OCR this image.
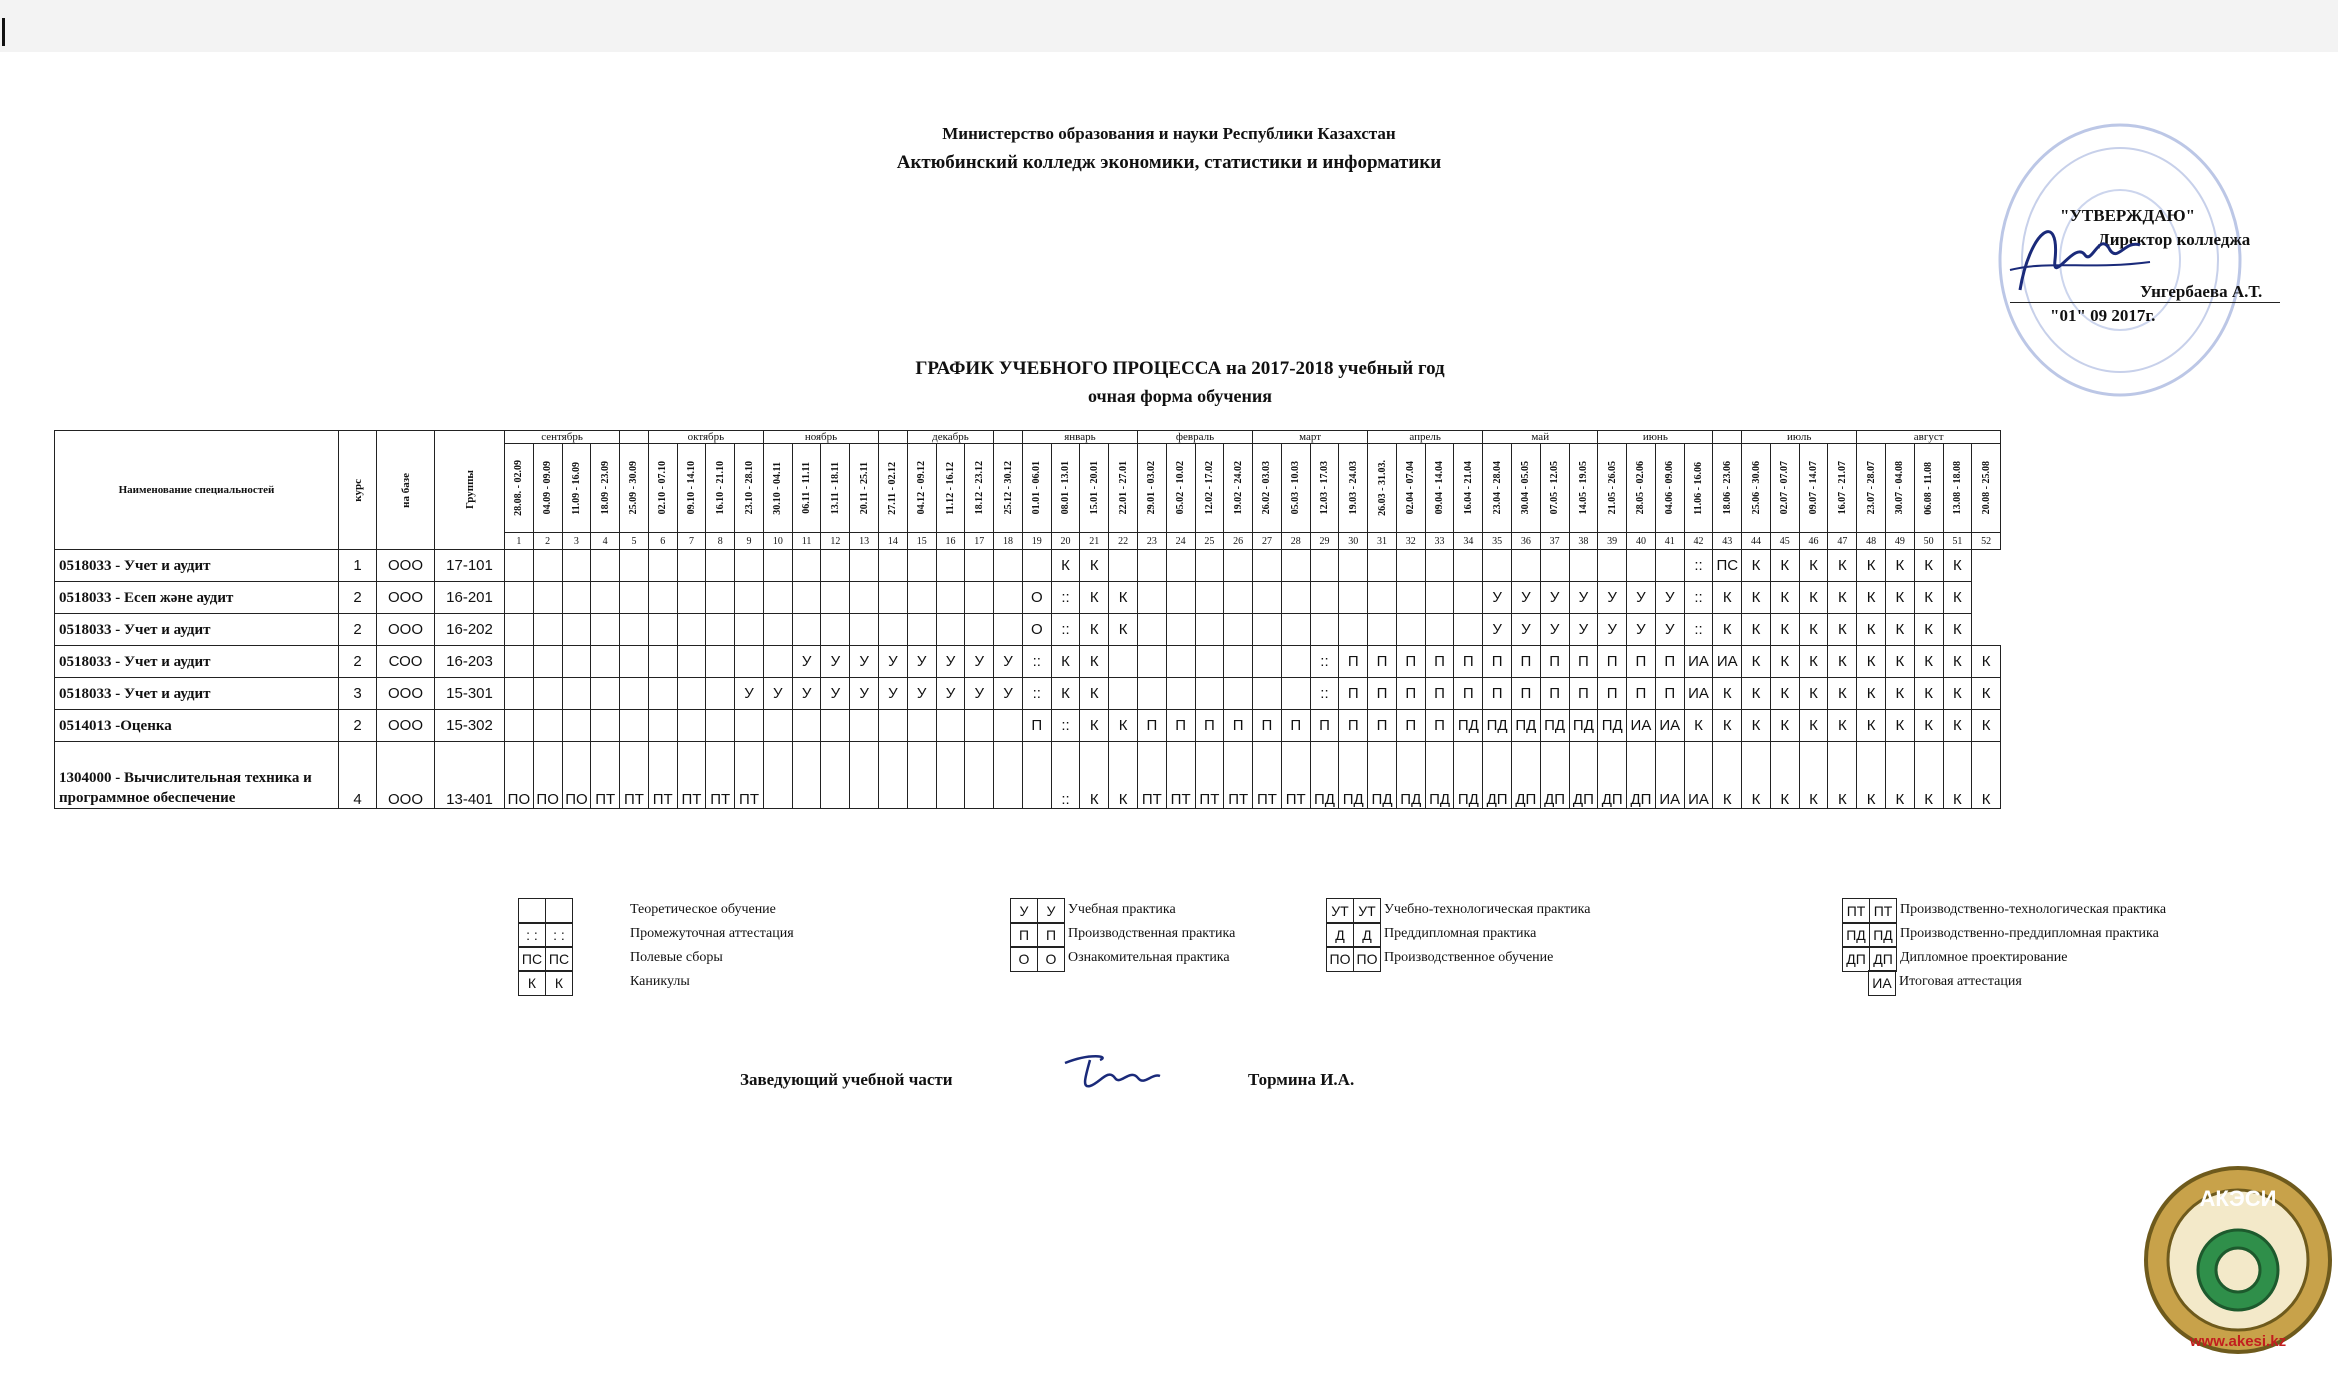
Министерство образования и науки Республики Казахстан
Актюбинский колледж экономики, статистики и информатики
"УТВЕРЖДАЮ"
Директор колледжа
Унгербаева А.Т.
"01" 09 2017г.
ГРАФИК УЧЕБНОГО ПРОЦЕССА на 2017-2018 учебный год
очная форма обучения
Наименование специальностей	курс	на базе	Группы	сентябрь					октябрь				ноябрь					декабрь				январь				февраль				март				апрель				май				июнь					июль				август				

				28.08. - 02.09	04.09 - 09.09	11.09 - 16.09	18.09 - 23.09	25.09 - 30.09	02.10 - 07.10	09.10 - 14.10	16.10 - 21.10	23.10 - 28.10	30.10 - 04.11	06.11 - 11.11	13.11 - 18.11	20.11 - 25.11	27.11 - 02.12	04.12 - 09.12	11.12 - 16.12	18.12 - 23.12	25.12 - 30.12	01.01 - 06.01	08.01 - 13.01	15.01 - 20.01	22.01 - 27.01	29.01 - 03.02	05.02 - 10.02	12.02 - 17.02	19.02 - 24.02	26.02 - 03.03	05.03 - 10.03	12.03 - 17.03	19.03 - 24.03	26.03 - 31.03.	02.04 - 07.04	09.04 - 14.04	16.04 - 21.04	23.04 - 28.04	30.04 - 05.05	07.05 - 12.05	14.05 - 19.05	21.05 - 26.05	28.05 - 02.06	04.06 - 09.06	11.06 - 16.06	18.06 - 23.06	25.06 - 30.06	02.07 - 07.07	09.07 - 14.07	16.07 - 21.07	23.07 - 28.07	30.07 - 04.08	06.08 - 11.08	13.08 - 18.08	20.08 - 25.08

				1	2	3	4	5	6	7	8	9	10	11	12	13	14	15	16	17	18	19	20	21	22	23	24	25	26	27	28	29	30	31	32	33	34	35	36	37	38	39	40	41	42	43	44	45	46	47	48	49	50	51	52
0518033 - Учет и аудит	1	ООО	17-101																				К	К																					::	ПС	К	К	К	К	К	К	К	К	
0518033 - Есеп және аудит	2	ООО	16-201																			О	::	К	К													У	У	У	У	У	У	У	::	К	К	К	К	К	К	К	К	К	
0518033 - Учет и аудит	2	ООО	16-202																			О	::	К	К													У	У	У	У	У	У	У	::	К	К	К	К	К	К	К	К	К	
0518033 - Учет и аудит	2	СОО	16-203											У	У	У	У	У	У	У	У	::	К	К								::	П	П	П	П	П	П	П	П	П	П	П	П	ИА	ИА	К	К	К	К	К	К	К	К	К
0518033 - Учет и аудит	3	ООО	15-301									У	У	У	У	У	У	У	У	У	У	::	К	К								::	П	П	П	П	П	П	П	П	П	П	П	П	ИА	К	К	К	К	К	К	К	К	К	К
0514013 -Оценка	2	ООО	15-302																			П	::	К	К	П	П	П	П	П	П	П	П	П	П	П	ПД	ПД	ПД	ПД	ПД	ПД	ИА	ИА	К	К	К	К	К	К	К	К	К	К	К
1304000 - Вычислительная техника и программное обеспечение	4	ООО	13-401	ПО	ПО	ПО	ПТ	ПТ	ПТ	ПТ	ПТ	ПТ											::	К	К	ПТ	ПТ	ПТ	ПТ	ПТ	ПТ	ПД	ПД	ПД	ПД	ПД	ПД	ДП	ДП	ДП	ДП	ДП	ДП	ИА	ИА	К	К	К	К	К	К	К	К	К	К
Теоретическое обучение
: :	: :	Промежуточная аттестация
ПС ПС	Полевые сборы
К	К	Каникулы
У	У Учебная практика
П	П Производственная практика
О	О Ознакомительная практика
УТ УТ Учебно-технологическая практика
Д	Д Преддипломная практика
ПО ПО Производственное обучение
ПТ ПТ Производственно-технологическая практика
ПД ПД Производственно-преддипломная практика
ДП ДП Дипломное проектирование
ИА Итоговая аттестация
Заведующий учебной части	Тормина И.А.
АКЭСИ
www.akesi.kz
